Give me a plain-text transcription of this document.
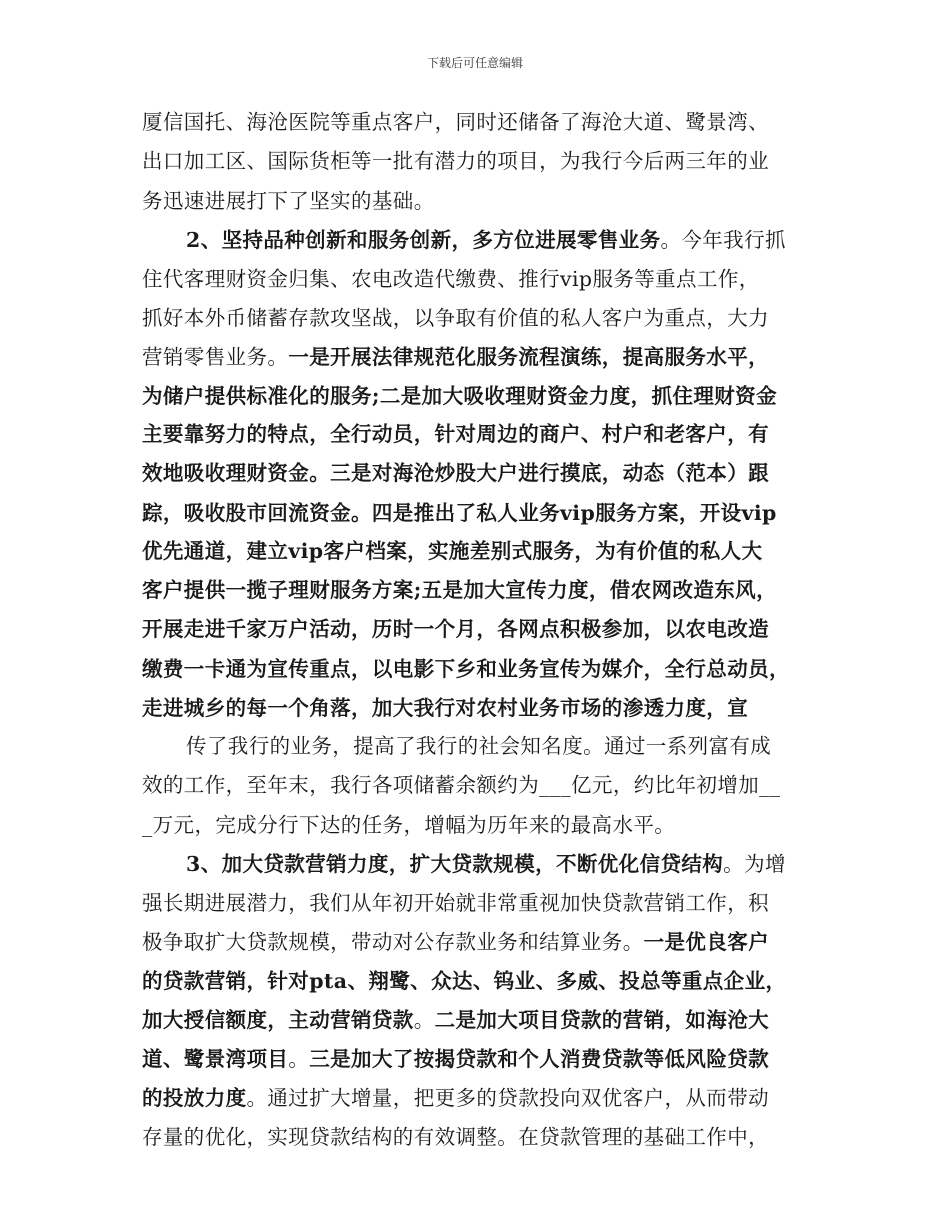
下载后可任意编辑
厦信国托、海沧医院等重点客户，同时还储备了海沧大道、鹭景湾、
出口加工区、国际货柜等一批有潜力的项目，为我行今后两三年的业
务迅速进展打下了坚实的基础。
2、坚持品种创新和服务创新，多方位进展零售业务。今年我行抓
住代客理财资金归集、农电改造代缴费、推行vip服务等重点工作，
抓好本外币储蓄存款攻坚战，以争取有价值的私人客户为重点，大力
营销零售业务。一是开展法律规范化服务流程演练，提高服务水平，
为储户提供标准化的服务;二是加大吸收理财资金力度，抓住理财资金
主要靠努力的特点，全行动员，针对周边的商户、村户和老客户，有
效地吸收理财资金。三是对海沧炒股大户进行摸底，动态（范本）跟
踪，吸收股市回流资金。四是推出了私人业务vip服务方案，开设vip
优先通道，建立vip客户档案，实施差别式服务，为有价值的私人大
客户提供一揽子理财服务方案;五是加大宣传力度，借农网改造东风，
开展走进千家万户活动，历时一个月，各网点积极参加，以农电改造
缴费一卡通为宣传重点，以电影下乡和业务宣传为媒介，全行总动员，
走进城乡的每一个角落，加大我行对农村业务市场的渗透力度，宣
传了我行的业务，提高了我行的社会知名度。通过一系列富有成
效的工作，至年末，我行各项储蓄余额约为___亿元，约比年初增加__
_万元，完成分行下达的任务，增幅为历年来的最高水平。
3、加大贷款营销力度，扩大贷款规模，不断优化信贷结构。为增
强长期进展潜力，我们从年初开始就非常重视加快贷款营销工作，积
极争取扩大贷款规模，带动对公存款业务和结算业务。一是优良客户
的贷款营销，针对pta、翔鹭、众达、钨业、多威、投总等重点企业，
加大授信额度，主动营销贷款。二是加大项目贷款的营销，如海沧大
道、鹭景湾项目。三是加大了按揭贷款和个人消费贷款等低风险贷款
的投放力度。通过扩大增量，把更多的贷款投向双优客户，从而带动
存量的优化，实现贷款结构的有效调整。在贷款管理的基础工作中，
